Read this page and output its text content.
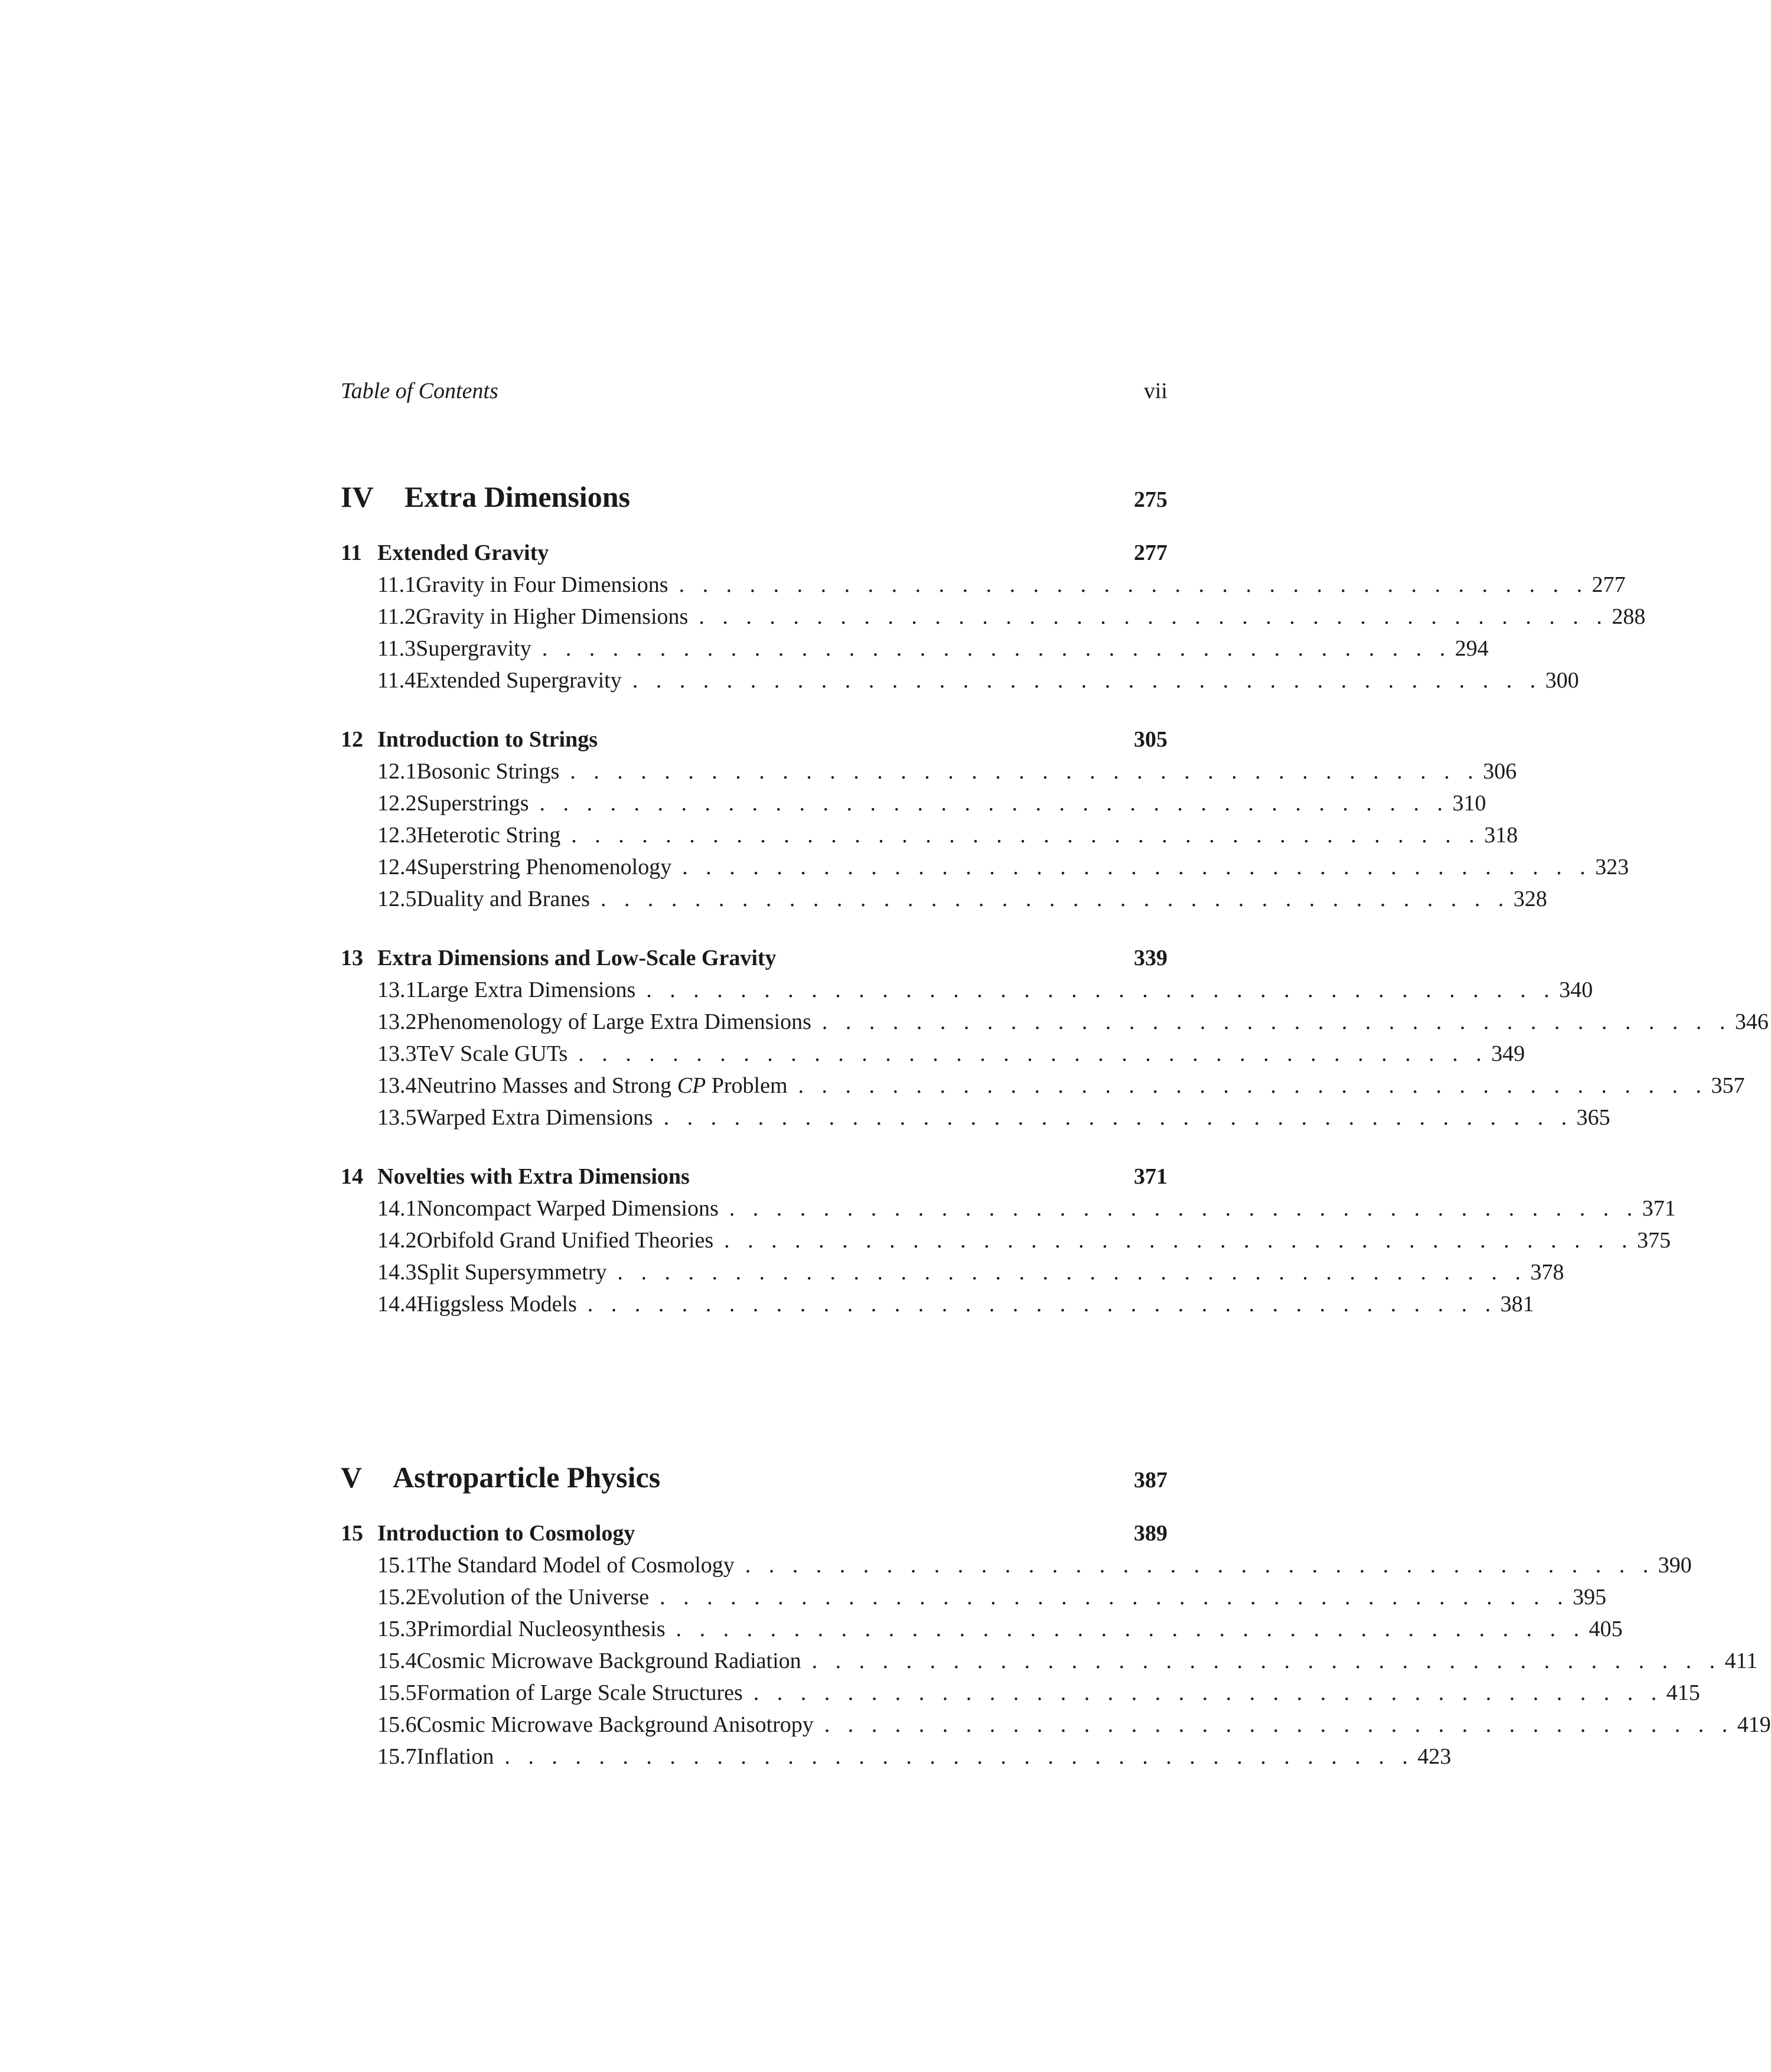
Table of Contents	vii
IV	Extra Dimensions	275
11 Extended Gravity	277
11.1 Gravity in Four Dimensions . . . . . . . . . . . . . . . . . . . . . . . . . . . . . . . . . . . . . . . 277
11.2 Gravity in Higher Dimensions . . . . . . . . . . . . . . . . . . . . . . . . . . . . . . . . . . . . . . . 288
11.3 Supergravity . . . . . . . . . . . . . . . . . . . . . . . . . . . . . . . . . . . . . . . 294
11.4 Extended Supergravity . . . . . . . . . . . . . . . . . . . . . . . . . . . . . . . . . . . . . . . 300
12 Introduction to Strings	305
12.1 Bosonic Strings . . . . . . . . . . . . . . . . . . . . . . . . . . . . . . . . . . . . . . . 306
12.2 Superstrings . . . . . . . . . . . . . . . . . . . . . . . . . . . . . . . . . . . . . . . 310
12.3 Heterotic String . . . . . . . . . . . . . . . . . . . . . . . . . . . . . . . . . . . . . . . 318
12.4 Superstring Phenomenology . . . . . . . . . . . . . . . . . . . . . . . . . . . . . . . . . . . . . . . 323
12.5 Duality and Branes . . . . . . . . . . . . . . . . . . . . . . . . . . . . . . . . . . . . . . . 328
13 Extra Dimensions and Low-Scale Gravity	339
13.1 Large Extra Dimensions . . . . . . . . . . . . . . . . . . . . . . . . . . . . . . . . . . . . . . . 340
13.2 Phenomenology of Large Extra Dimensions . . . . . . . . . . . . . . . . . . . . . . . . . . . . . . . . . . . . . . . 346
13.3 TeV Scale GUTs . . . . . . . . . . . . . . . . . . . . . . . . . . . . . . . . . . . . . . . 349
13.4 Neutrino Masses and Strong CP Problem . . . . . . . . . . . . . . . . . . . . . . . . . . . . . . . . . . . . . . . 357
13.5 Warped Extra Dimensions . . . . . . . . . . . . . . . . . . . . . . . . . . . . . . . . . . . . . . . 365
14 Novelties with Extra Dimensions	371
14.1 Noncompact Warped Dimensions . . . . . . . . . . . . . . . . . . . . . . . . . . . . . . . . . . . . . . . 371
14.2 Orbifold Grand Unified Theories . . . . . . . . . . . . . . . . . . . . . . . . . . . . . . . . . . . . . . . 375
14.3 Split Supersymmetry . . . . . . . . . . . . . . . . . . . . . . . . . . . . . . . . . . . . . . . 378
14.4 Higgsless Models . . . . . . . . . . . . . . . . . . . . . . . . . . . . . . . . . . . . . . . 381
V	Astroparticle Physics	387
15 Introduction to Cosmology	389
15.1 The Standard Model of Cosmology . . . . . . . . . . . . . . . . . . . . . . . . . . . . . . . . . . . . . . . 390
15.2 Evolution of the Universe . . . . . . . . . . . . . . . . . . . . . . . . . . . . . . . . . . . . . . . 395
15.3 Primordial Nucleosynthesis . . . . . . . . . . . . . . . . . . . . . . . . . . . . . . . . . . . . . . . 405
15.4 Cosmic Microwave Background Radiation . . . . . . . . . . . . . . . . . . . . . . . . . . . . . . . . . . . . . . . 411
15.5 Formation of Large Scale Structures . . . . . . . . . . . . . . . . . . . . . . . . . . . . . . . . . . . . . . . 415
15.6 Cosmic Microwave Background Anisotropy . . . . . . . . . . . . . . . . . . . . . . . . . . . . . . . . . . . . . . . 419
15.7 Inflation . . . . . . . . . . . . . . . . . . . . . . . . . . . . . . . . . . . . . . . 423
